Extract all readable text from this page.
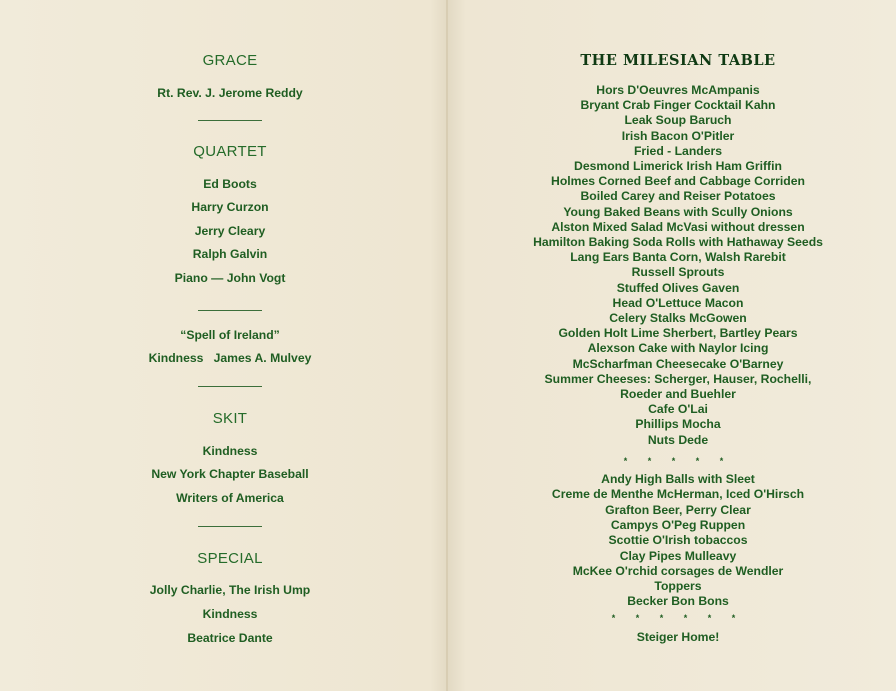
GRACE
Rt. Rev. J. Jerome Reddy
QUARTET
Ed Boots
Harry Curzon
Jerry Cleary
Ralph Galvin
Piano — John Vogt
“Spell of Ireland”
Kindness   James A. Mulvey
SKIT
Kindness
New York Chapter Baseball
Writers of America
SPECIAL
Jolly Charlie, The Irish Ump
Kindness
Beatrice Dante
THE MILESIAN TABLE
Hors D'Oeuvres McAmpanis
Bryant Crab Finger Cocktail Kahn
Leak Soup Baruch
Irish Bacon O'Pitler
Fried - Landers
Desmond Limerick Irish Ham Griffin
Holmes Corned Beef and Cabbage Corriden
Boiled Carey and Reiser Potatoes
Young Baked Beans with Scully Onions
Alston Mixed Salad McVasi without dressen
Hamilton Baking Soda Rolls with Hathaway Seeds
Lang Ears Banta Corn, Walsh Rarebit
Russell Sprouts
Stuffed Olives Gaven
Head O'Lettuce Macon
Celery Stalks McGowen
Golden Holt Lime Sherbert, Bartley Pears
Alexson Cake with Naylor Icing
McScharfman Cheesecake O'Barney
Summer Cheeses: Scherger, Hauser, Rochelli,
Roeder and Buehler
Cafe O'Lai
Phillips Mocha
Nuts Dede
Andy High Balls with Sleet
Creme de Menthe McHerman, Iced O'Hirsch
Grafton Beer, Perry Clear
Campys O'Peg Ruppen
Scottie O'Irish tobaccos
Clay Pipes Mulleavy
McKee O'rchid corsages de Wendler
Toppers
Becker Bon Bons
* * * * *
* * * * * *
Steiger Home!
